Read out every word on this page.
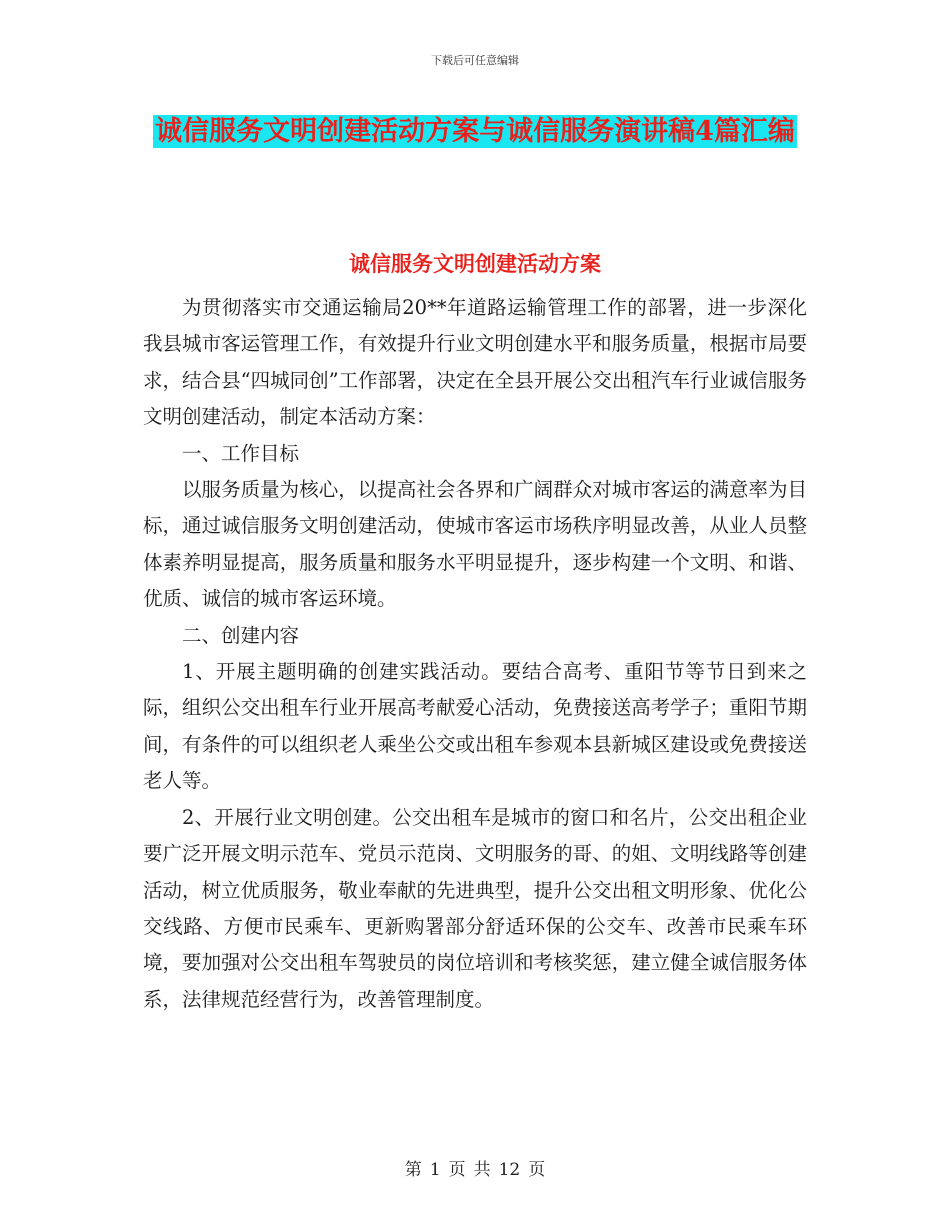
下载后可任意编辑
诚信服务文明创建活动方案与诚信服务演讲稿4篇汇编
诚信服务文明创建活动方案

为贯彻落实市交通运输局20**年道路运输管理工作的部署，进一步深化我县城市客运管理工作，有效提升行业文明创建水平和服务质量，根据市局要求，结合县“四城同创”工作部署，决定在全县开展公交出租汽车行业诚信服务文明创建活动，制定本活动方案：

一、工作目标

以服务质量为核心，以提高社会各界和广阔群众对城市客运的满意率为目标，通过诚信服务文明创建活动，使城市客运市场秩序明显改善，从业人员整体素养明显提高，服务质量和服务水平明显提升，逐步构建一个文明、和谐、优质、诚信的城市客运环境。

二、创建内容

1、开展主题明确的创建实践活动。要结合高考、重阳节等节日到来之际，组织公交出租车行业开展高考献爱心活动，免费接送高考学子；重阳节期间，有条件的可以组织老人乘坐公交或出租车参观本县新城区建设或免费接送老人等。

2、开展行业文明创建。公交出租车是城市的窗口和名片，公交出租企业要广泛开展文明示范车、党员示范岗、文明服务的哥、的姐、文明线路等创建活动，树立优质服务，敬业奉献的先进典型，提升公交出租文明形象、优化公交线路、方便市民乘车、更新购署部分舒适环保的公交车、改善市民乘车环境，要加强对公交出租车驾驶员的岗位培训和考核奖惩，建立健全诚信服务体系，法律规范经营行为，改善管理制度。

第 1 页 共 12 页
